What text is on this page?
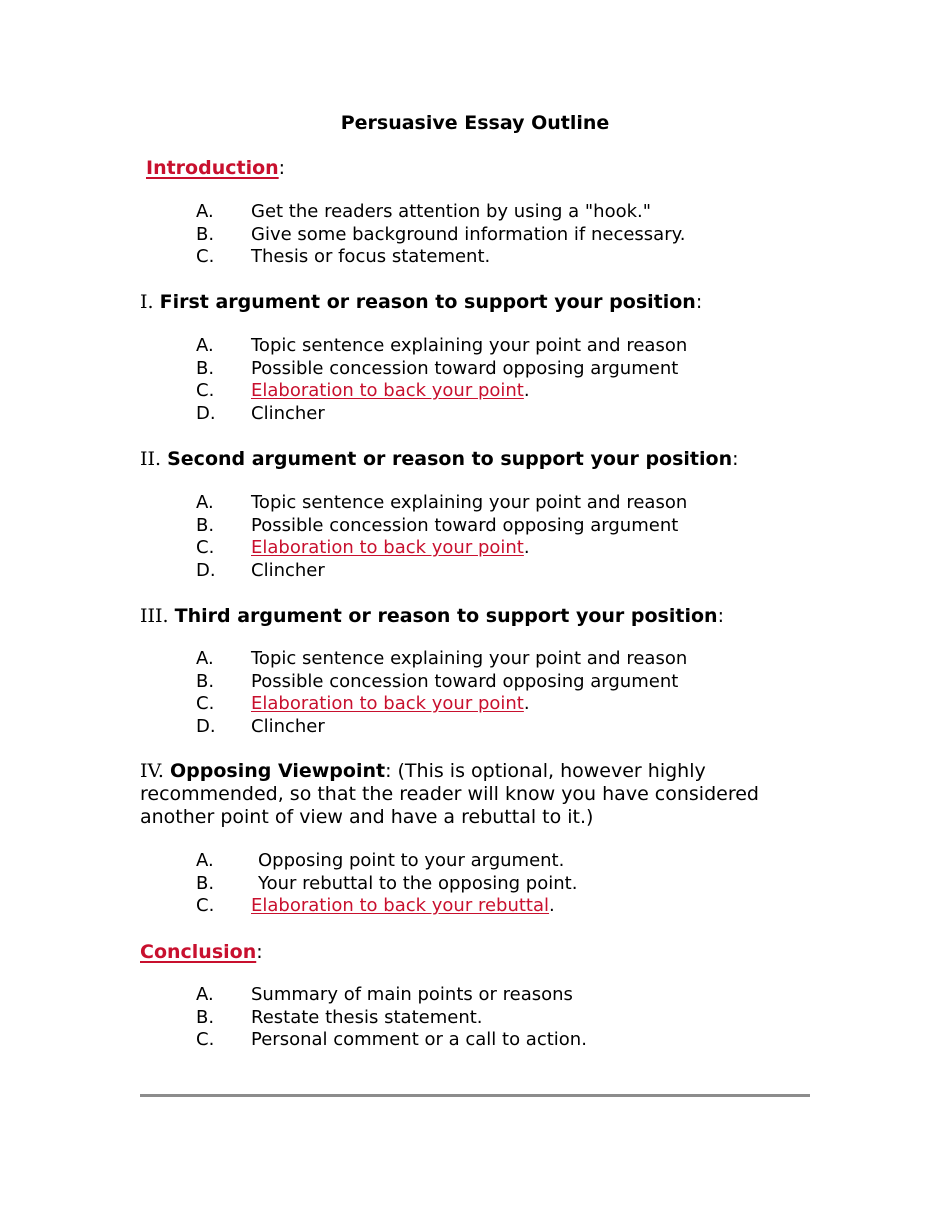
Persuasive Essay Outline
Introduction:
A. Get the readers attention by using a "hook."
B. Give some background information if necessary.
C. Thesis or focus statement.
I. First argument or reason to support your position:
A. Topic sentence explaining your point and reason
B. Possible concession toward opposing argument
C. Elaboration to back your point.
D. Clincher
II. Second argument or reason to support your position:
A. Topic sentence explaining your point and reason
B. Possible concession toward opposing argument
C. Elaboration to back your point.
D. Clincher
III. Third argument or reason to support your position:
A. Topic sentence explaining your point and reason
B. Possible concession toward opposing argument
C. Elaboration to back your point.
D. Clincher
IV. Opposing Viewpoint: (This is optional, however highly recommended, so that the reader will know you have considered another point of view and have a rebuttal to it.)
A. Opposing point to your argument.
B. Your rebuttal to the opposing point.
C. Elaboration to back your rebuttal.
Conclusion:
A. Summary of main points or reasons
B. Restate thesis statement.
C. Personal comment or a call to action.
